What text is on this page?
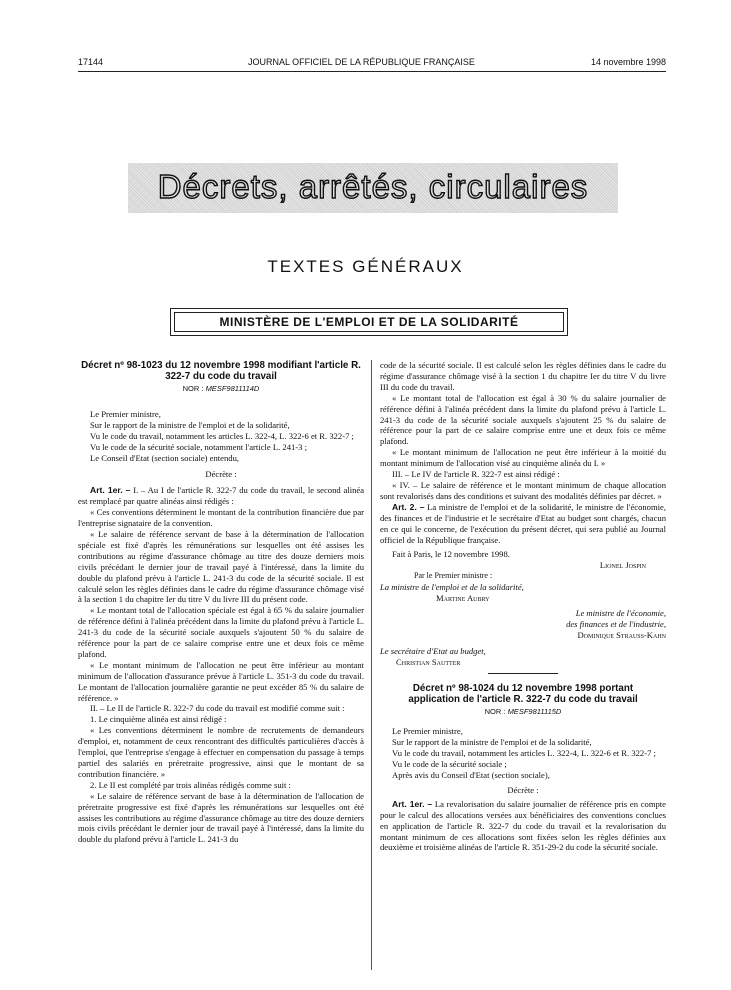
17144	JOURNAL OFFICIEL DE LA RÉPUBLIQUE FRANÇAISE	14 novembre 1998
Décrets, arrêtés, circulaires
TEXTES GÉNÉRAUX
MINISTÈRE DE L'EMPLOI ET DE LA SOLIDARITÉ
Décret nº 98-1023 du 12 novembre 1998 modifiant l'article R. 322-7 du code du travail
NOR : MESF9811114D

Le Premier ministre,

Sur le rapport de la ministre de l'emploi et de la solidarité,

Vu le code du travail, notamment les articles L. 322-4, L. 322-6 et R. 322-7 ;

Vu le code de la sécurité sociale, notamment l'article L. 241-3 ;

Le Conseil d'Etat (section sociale) entendu,

Décrète :

Art. 1er. – I. – Au I de l'article R. 322-7 du code du travail, le second alinéa est remplacé par quatre alinéas ainsi rédigés :

« Ces conventions déterminent le montant de la contribution financière due par l'entreprise signataire de la convention.

« Le salaire de référence servant de base à la détermination de l'allocation spéciale est fixé d'après les rémunérations sur lesquelles ont été assises les contributions au régime d'assurance chômage au titre des douze derniers mois civils précédant le dernier jour de travail payé à l'intéressé, dans la limite du double du plafond prévu à l'article L. 241-3 du code de la sécurité sociale. Il est calculé selon les règles définies dans le cadre du régime d'assurance chômage visé à la section 1 du chapitre Ier du titre V du livre III du présent code.

« Le montant total de l'allocation spéciale est égal à 65 % du salaire journalier de référence défini à l'alinéa précédent dans la limite du plafond prévu à l'article L. 241-3 du code de la sécurité sociale auxquels s'ajoutent 50 % du salaire de référence pour la part de ce salaire comprise entre une et deux fois ce même plafond.

« Le montant minimum de l'allocation ne peut être inférieur au montant minimum de l'allocation d'assurance prévue à l'article L. 351-3 du code du travail. Le montant de l'allocation journalière garantie ne peut excéder 85 % du salaire de référence. »

II. – Le II de l'article R. 322-7 du code du travail est modifié comme suit :

1. Le cinquième alinéa est ainsi rédigé :

« Les conventions déterminent le nombre de recrutements de demandeurs d'emploi, et, notamment de ceux rencontrant des difficultés particulières d'accès à l'emploi, que l'entreprise s'engage à effectuer en compensation du passage à temps partiel des salariés en préretraite progressive, ainsi que le montant de sa contribution financière. »

2. Le II est complété par trois alinéas rédigés comme suit :

« Le salaire de référence servant de base à la détermination de l'allocation de préretraite progressive est fixé d'après les rémunérations sur lesquelles ont été assises les contributions au régime d'assurance chômage au titre des douze derniers mois civils précédant le dernier jour de travail payé à l'intéressé, dans la limite du double du plafond prévu à l'article L. 241-3 du

code de la sécurité sociale. Il est calculé selon les règles définies dans le cadre du régime d'assurance chômage visé à la section 1 du chapitre Ier du titre V du livre III du code du travail.

« Le montant total de l'allocation est égal à 30 % du salaire journalier de référence défini à l'alinéa précédent dans la limite du plafond prévu à l'article L. 241-3 du code de la sécurité sociale auxquels s'ajoutent 25 % du salaire de référence pour la part de ce salaire comprise entre une et deux fois ce même plafond.

« Le montant minimum de l'allocation ne peut être inférieur à la moitié du montant minimum de l'allocation visé au cinquième alinéa du I. »

III. – Le IV de l'article R. 322-7 est ainsi rédigé :

« IV. – Le salaire de référence et le montant minimum de chaque allocation sont revalorisés dans des conditions et suivant des modalités définies par décret. »

Art. 2. – La ministre de l'emploi et de la solidarité, le ministre de l'économie, des finances et de l'industrie et le secrétaire d'Etat au budget sont chargés, chacun en ce qui le concerne, de l'exécution du présent décret, qui sera publié au Journal officiel de la République française.

Fait à Paris, le 12 novembre 1998.

Lionel Jospin

Par le Premier ministre :

La ministre de l'emploi et de la solidarité,

Martine Aubry

Le ministre de l'économie,

des finances et de l'industrie,

Dominique Strauss-Kahn

Le secrétaire d'Etat au budget,

Christian Sautter

Décret nº 98-1024 du 12 novembre 1998 portant application de l'article R. 322-7 du code du travail
NOR : MESF9811115D

Le Premier ministre,

Sur le rapport de la ministre de l'emploi et de la solidarité,

Vu le code du travail, notamment les articles L. 322-4, L. 322-6 et R. 322-7 ;

Vu le code de la sécurité sociale ;

Après avis du Conseil d'Etat (section sociale),

Décrète :

Art. 1er. – La revalorisation du salaire journalier de référence pris en compte pour le calcul des allocations versées aux bénéficiaires des conventions conclues en application de l'article R. 322-7 du code du travail et la revalorisation du montant minimum de ces allocations sont fixées selon les règles définies aux deuxième et troisième alinéas de l'article R. 351-29-2 du code la sécurité sociale.
